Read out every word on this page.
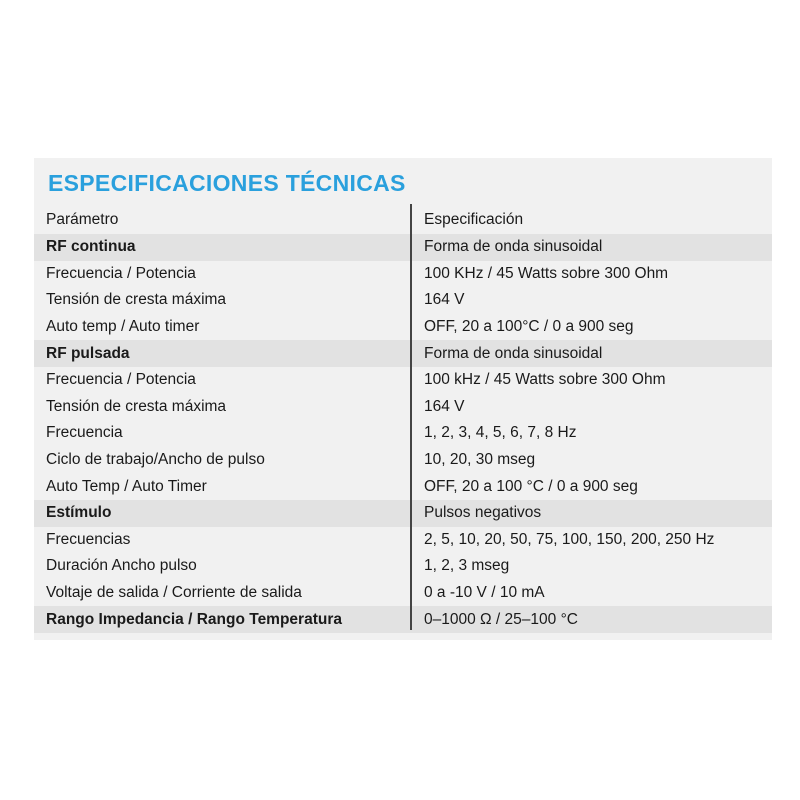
ESPECIFICACIONES TÉCNICAS
Parámetro	Especificación
RF continua	Forma de onda sinusoidal
Frecuencia / Potencia	100 KHz / 45 Watts sobre 300 Ohm
Tensión de cresta máxima	164 V
Auto temp / Auto timer	OFF, 20 a 100°C / 0 a 900 seg
RF pulsada	Forma de onda sinusoidal
Frecuencia / Potencia	100 kHz / 45 Watts sobre 300 Ohm
Tensión de cresta máxima	164 V
Frecuencia	1, 2, 3, 4, 5, 6, 7, 8 Hz
Ciclo de trabajo/Ancho de pulso	10, 20, 30 mseg
Auto Temp / Auto Timer	OFF, 20 a 100 °C / 0 a 900 seg
Estímulo	Pulsos negativos
Frecuencias	2, 5, 10, 20, 50, 75, 100, 150, 200, 250 Hz
Duración Ancho pulso	1, 2, 3 mseg
Voltaje de salida / Corriente de salida	0 a -10 V / 10 mA
Rango Impedancia / Rango Temperatura	0–1000 Ω / 25–100 °C
